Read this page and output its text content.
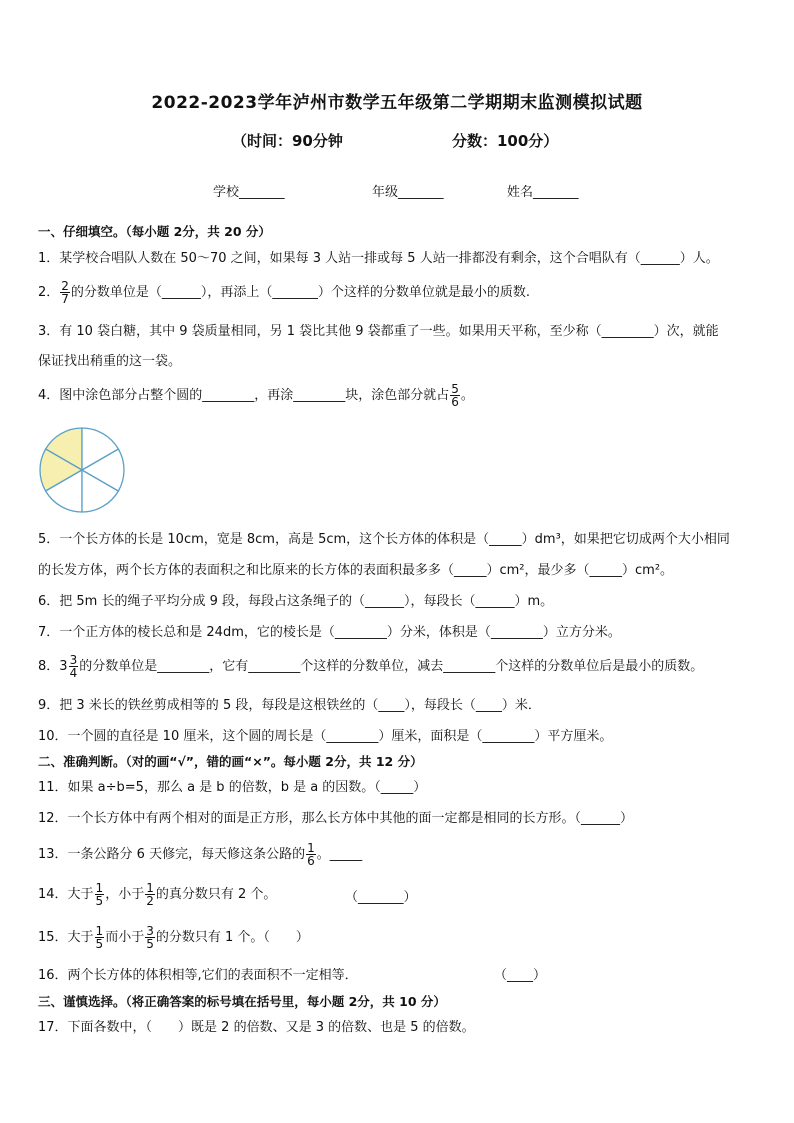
2022-2023学年泸州市数学五年级第二学期期末监测模拟试题
（时间：90分钟	分数：100分）
学校_______	年级_______	姓名_______
一、仔细填空。（每小题 2分，共 20 分）
1．某学校合唱队人数在 50～70 之间，如果每 3 人站一排或每 5 人站一排都没有剩余，这个合唱队有（______）人。
2． $\frac{2}{7}$ 的分数单位是（______），再添上（_______）个这样的分数单位就是最小的质数.
3．有 10 袋白糖，其中 9 袋质量相同，另 1 袋比其他 9 袋都重了一些。如果用天平称，至少称（________）次，就能
保证找出稍重的这一袋。
4．图中涂色部分占整个圆的________，再涂________块，涂色部分就占 $\frac{5}{6}$ 。
5．一个长方体的长是 10cm，宽是 8cm，高是 5cm，这个长方体的体积是（_____）dm³，如果把它切成两个大小相同
的长发方体，两个长方体的表面积之和比原来的长方体的表面积最多多（_____）cm²，最少多（_____）cm²。
6．把 5m 长的绳子平均分成 9 段，每段占这条绳子的（______），每段长（______）m。
7．一个正方体的棱长总和是 24dm，它的棱长是（________）分米，体积是（________）立方分米。
8．$3 \frac{3}{4}$ 的分数单位是________，它有________个这样的分数单位，减去________个这样的分数单位后是最小的质数。
9．把 3 米长的铁丝剪成相等的 5 段，每段是这根铁丝的（____），每段长（____）米．
10．一个圆的直径是 10 厘米，这个圆的周长是（________）厘米，面积是（________）平方厘米。
二、准确判断。（对的画“√”，错的画“×”。每小题 2分，共 12 分）
11．如果 a÷b=5，那么 a 是 b 的倍数，b 是 a 的因数。（_____）
12．一个长方体中有两个相对的面是正方形，那么长方体中其他的面一定都是相同的长方形。（______）
13．一条公路分 6 天修完，每天修这条公路的 $\frac{1}{6}$ 。_____
14．大于 $\frac{1}{5}$ ，小于 $\frac{1}{2}$ 的真分数只有 2 个。	（_______）
15．大于 $\frac{1}{5}$ 而小于 $\frac{3}{5}$ 的分数只有 1 个。（　　）
16．两个长方体的体积相等,它们的表面积不一定相等．	（____）
三、谨慎选择。（将正确答案的标号填在括号里，每小题 2分，共 10 分）
17．下面各数中，（　　）既是 2 的倍数、又是 3 的倍数、也是 5 的倍数。
